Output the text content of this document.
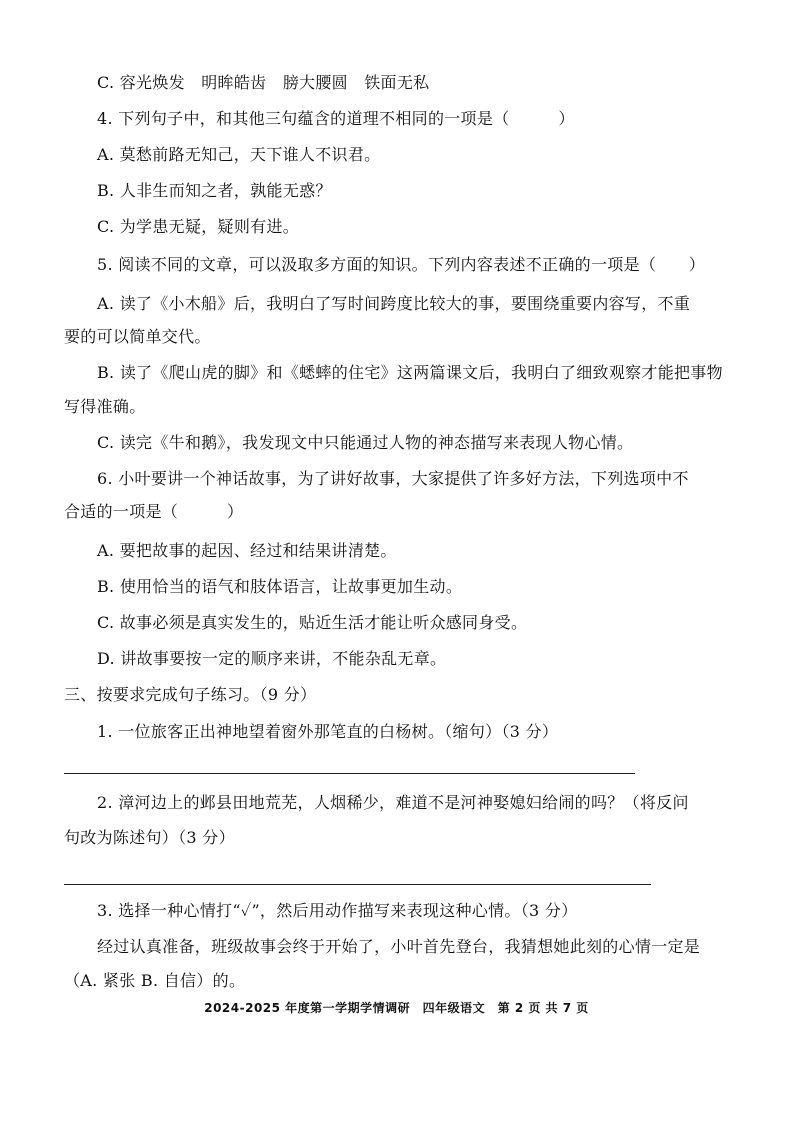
C. 容光焕发　明眸皓齿　膀大腰圆　铁面无私
4. 下列句子中，和其他三句蕴含的道理不相同的一项是（　　　）
A. 莫愁前路无知己，天下谁人不识君。
B. 人非生而知之者，孰能无惑？
C. 为学患无疑，疑则有进。
5. 阅读不同的文章，可以汲取多方面的知识。下列内容表述不正确的一项是（　　）
A. 读了《小木船》后，我明白了写时间跨度比较大的事，要围绕重要内容写，不重
要的可以简单交代。
B. 读了《爬山虎的脚》和《蟋蟀的住宅》这两篇课文后，我明白了细致观察才能把事物
写得准确。
C. 读完《牛和鹅》，我发现文中只能通过人物的神态描写来表现人物心情。
6. 小叶要讲一个神话故事，为了讲好故事，大家提供了许多好方法，下列选项中不
合适的一项是（　　　）
A. 要把故事的起因、经过和结果讲清楚。
B. 使用恰当的语气和肢体语言，让故事更加生动。
C. 故事必须是真实发生的，贴近生活才能让听众感同身受。
D. 讲故事要按一定的顺序来讲，不能杂乱无章。
三、按要求完成句子练习。（9 分）
1. 一位旅客正出神地望着窗外那笔直的白杨树。（缩句）（3 分）
2. 漳河边上的邺县田地荒芜，人烟稀少，难道不是河神娶媳妇给闹的吗？（将反问
句改为陈述句）（3 分）
3. 选择一种心情打“✓”，然后用动作描写来表现这种心情。（3 分）
经过认真准备，班级故事会终于开始了，小叶首先登台，我猜想她此刻的心情一定是
（A. 紧张 B. 自信）的。
2024-2025 年度第一学期学情调研　四年级语文　第 2 页 共 7 页
